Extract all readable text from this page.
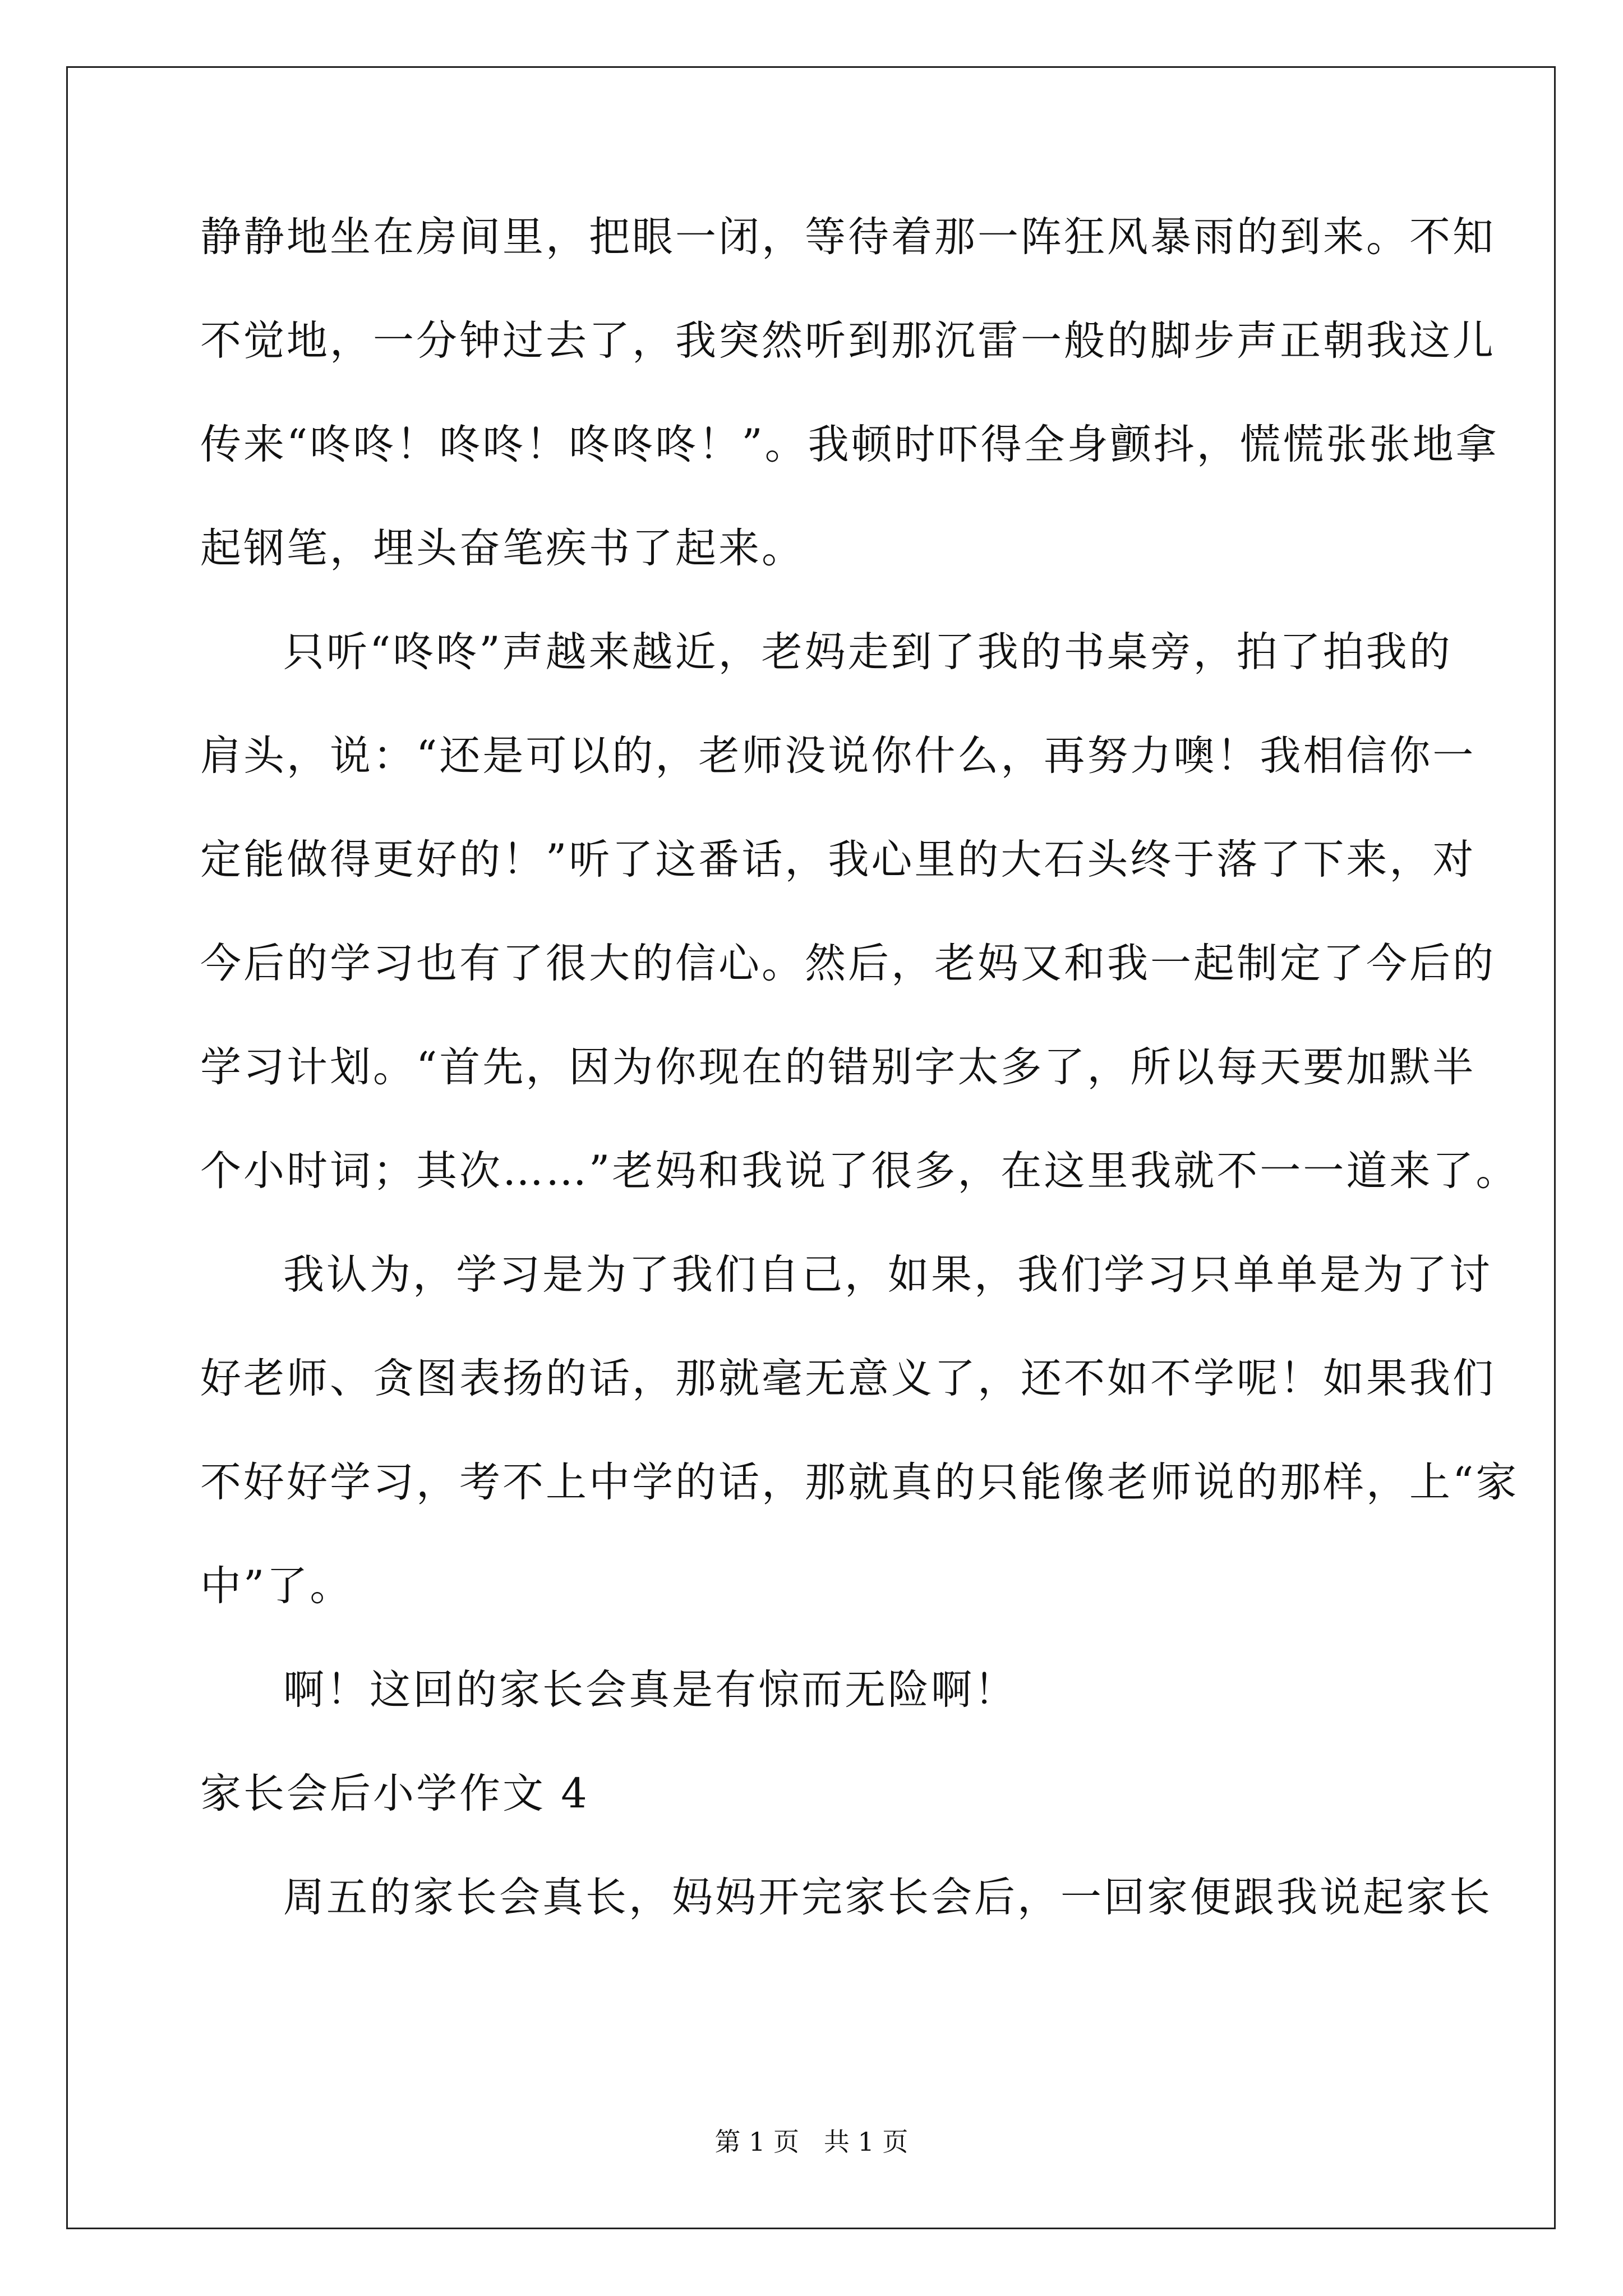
静静地坐在房间里，把眼一闭，等待着那一阵狂风暴雨的到来。不知

不觉地，一分钟过去了，我突然听到那沉雷一般的脚步声正朝我这儿

传来“咚咚！咚咚！咚咚咚！”。我顿时吓得全身颤抖，慌慌张张地拿

起钢笔，埋头奋笔疾书了起来。

只听“咚咚”声越来越近，老妈走到了我的书桌旁，拍了拍我的

肩头，说：“还是可以的，老师没说你什么，再努力噢！我相信你一

定能做得更好的！”听了这番话，我心里的大石头终于落了下来，对

今后的学习也有了很大的信心。然后，老妈又和我一起制定了今后的

学习计划。“首先，因为你现在的错别字太多了，所以每天要加默半

个小时词；其次……”老妈和我说了很多，在这里我就不一一道来了。

我认为，学习是为了我们自己，如果，我们学习只单单是为了讨

好老师、贪图表扬的话，那就毫无意义了，还不如不学呢！如果我们

不好好学习，考不上中学的话，那就真的只能像老师说的那样，上“家

中”了。

啊！这回的家长会真是有惊而无险啊！

家长会后小学作文 4

周五的家长会真长，妈妈开完家长会后，一回家便跟我说起家长

第 1 页   共 1 页
